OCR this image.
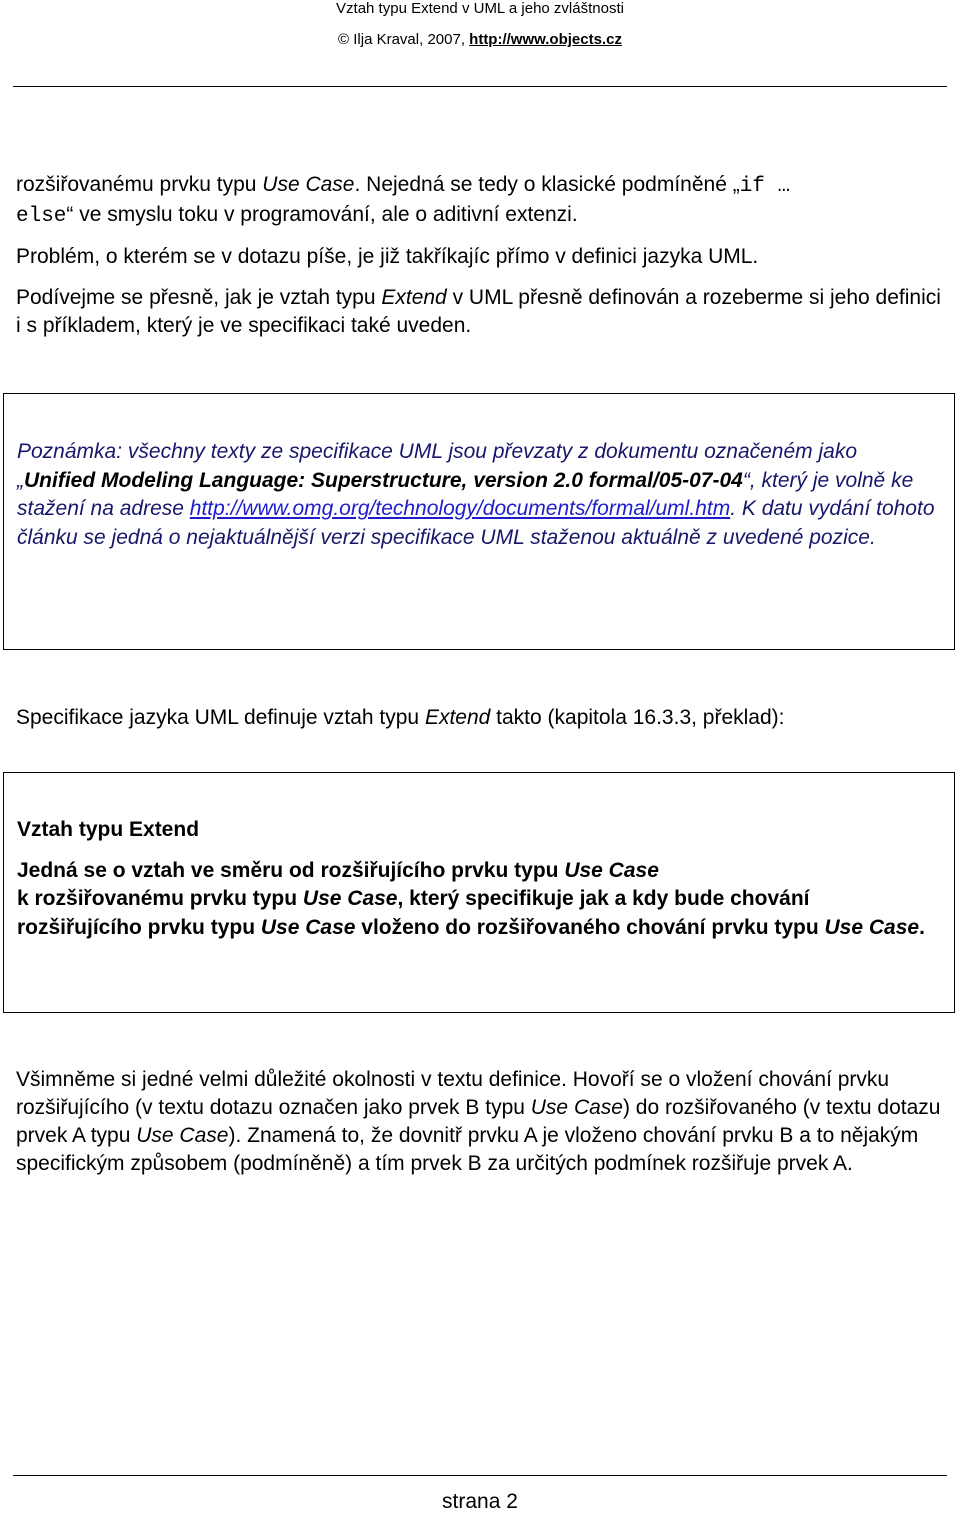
Vztah typu Extend v UML a jeho zvláštnosti
© Ilja Kraval, 2007, http://www.objects.cz

rozšiřovanému prvku typu Use Case. Nejedná se tedy o klasické podmíněné „if …
else“ ve smyslu toku v programování, ale o aditivní extenzi.

Problém, o kterém se v dotazu píše, je již takříkajíc přímo v definici jazyka UML.

Podívejme se přesně, jak je vztah typu Extend v UML přesně definován a rozeberme si jeho definici i s příkladem, který je ve specifikaci také uveden.

Poznámka: všechny texty ze specifikace UML jsou převzaty z dokumentu označeném jako „Unified Modeling Language: Superstructure, version 2.0 formal/05-07-04“, který je volně ke stažení na adrese http://www.omg.org/technology/documents/formal/uml.htm. K datu vydání tohoto článku se jedná o nejaktuálnější verzi specifikace UML staženou aktuálně z uvedené pozice.

Specifikace jazyka UML definuje vztah typu Extend takto (kapitola 16.3.3, překlad):

Vztah typu Extend

Jedná se o vztah ve směru od rozšiřujícího prvku typu Use Case
k rozšiřovanému prvku typu Use Case, který specifikuje jak a kdy bude chování rozšiřujícího prvku typu Use Case vloženo do rozšiřovaného chování prvku typu Use Case.

Všimněme si jedné velmi důležité okolnosti v textu definice. Hovoří se o vložení chování prvku rozšiřujícího (v textu dotazu označen jako prvek B typu Use Case) do rozšiřovaného (v textu dotazu prvek A typu Use Case). Znamená to, že dovnitř prvku A je vloženo chování prvku B a to nějakým specifickým způsobem (podmíněně) a tím prvek B za určitých podmínek rozšiřuje prvek A.

strana 2
